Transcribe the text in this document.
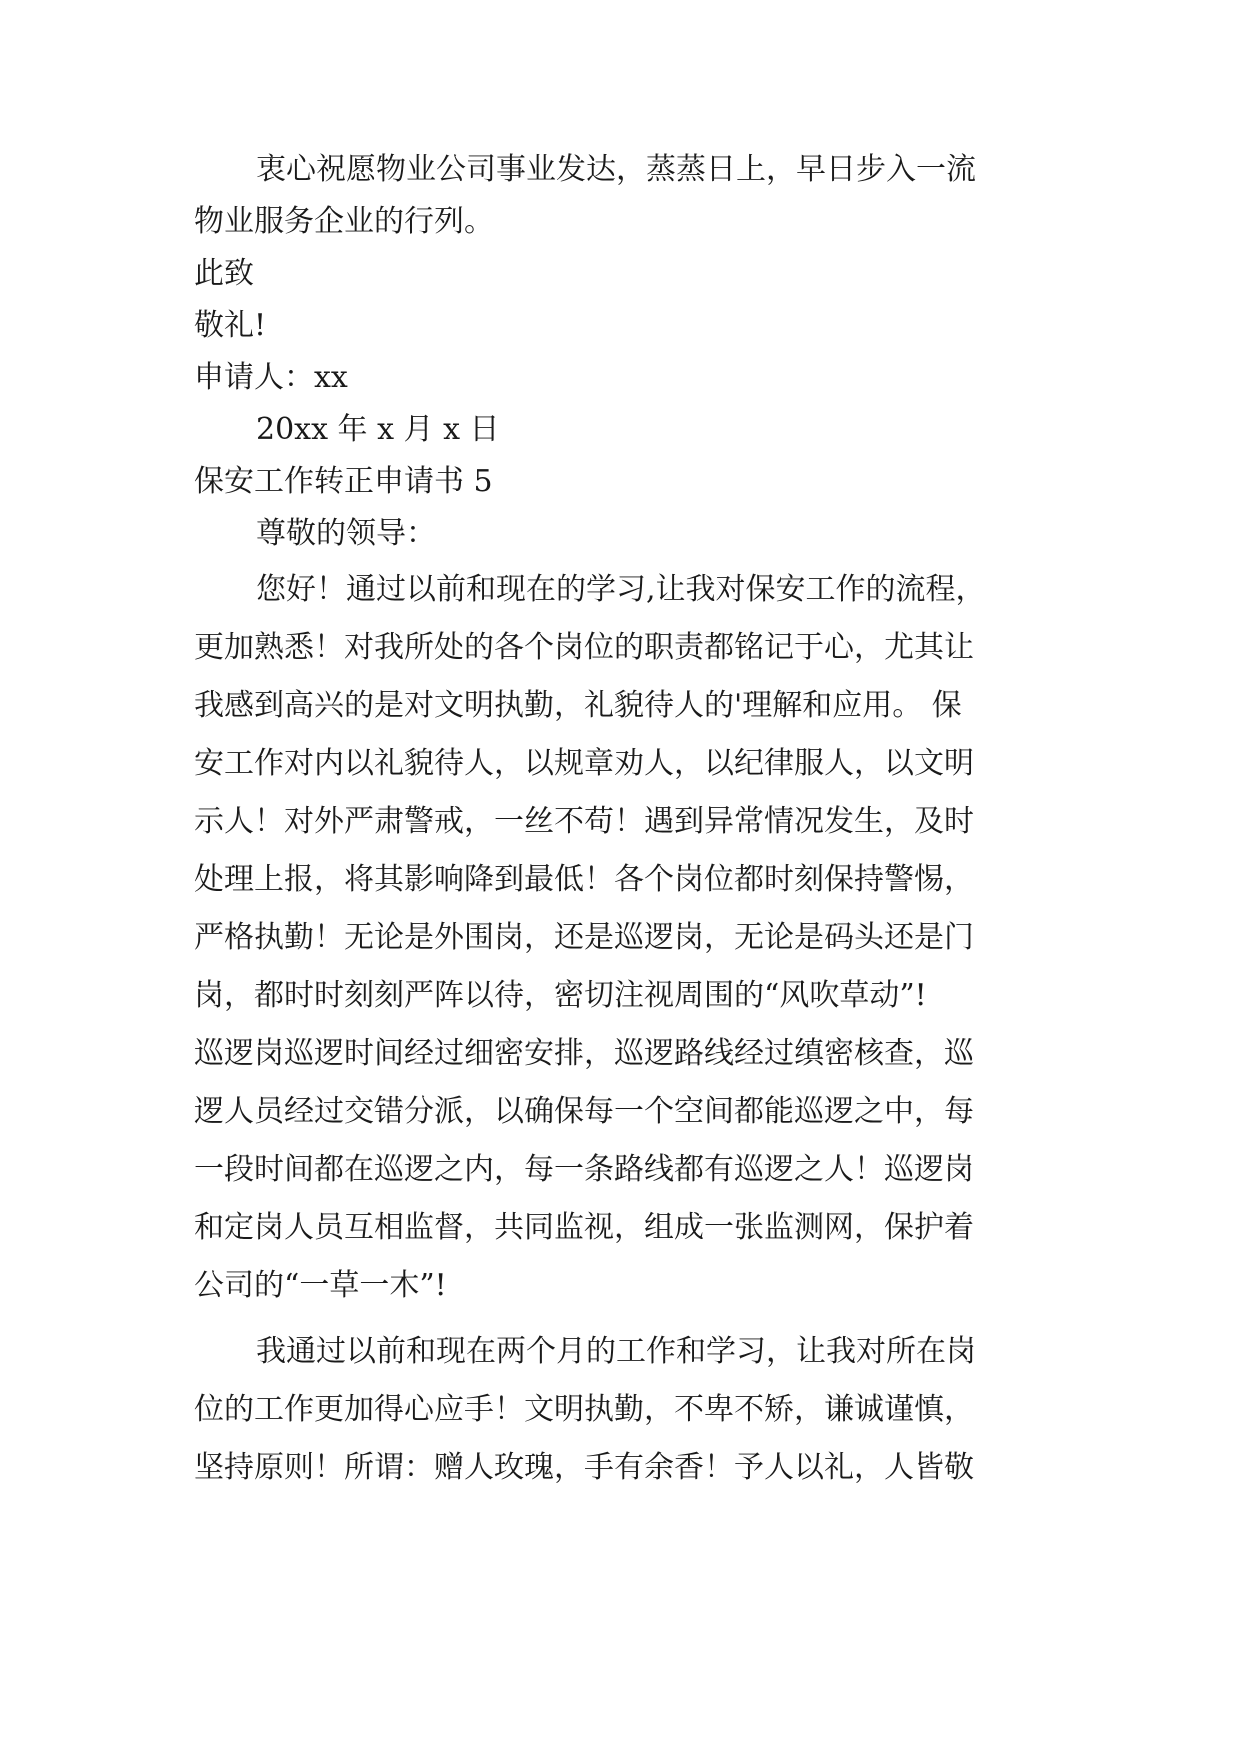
衷心祝愿物业公司事业发达，蒸蒸日上，早日步入一流
物业服务企业的行列。
此致
敬礼!
申请人：xx
20xx 年 x 月 x 日
保安工作转正申请书 5
尊敬的领导：
您好！通过以前和现在的学习,让我对保安工作的流程，
更加熟悉！对我所处的各个岗位的职责都铭记于心，尤其让
我感到高兴的是对文明执勤，礼貌待人的'理解和应用。 保
安工作对内以礼貌待人，以规章劝人，以纪律服人，以文明
示人！对外严肃警戒，一丝不苟！遇到异常情况发生，及时
处理上报，将其影响降到最低！各个岗位都时刻保持警惕，
严格执勤！无论是外围岗，还是巡逻岗，无论是码头还是门
岗，都时时刻刻严阵以待，密切注视周围的“风吹草动”!
巡逻岗巡逻时间经过细密安排，巡逻路线经过缜密核查，巡
逻人员经过交错分派，以确保每一个空间都能巡逻之中，每
一段时间都在巡逻之内，每一条路线都有巡逻之人！巡逻岗
和定岗人员互相监督，共同监视，组成一张监测网，保护着
公司的“一草一木”!
我通过以前和现在两个月的工作和学习，让我对所在岗
位的工作更加得心应手！文明执勤，不卑不矫，谦诚谨慎，
坚持原则！所谓：赠人玫瑰，手有余香！予人以礼，人皆敬
